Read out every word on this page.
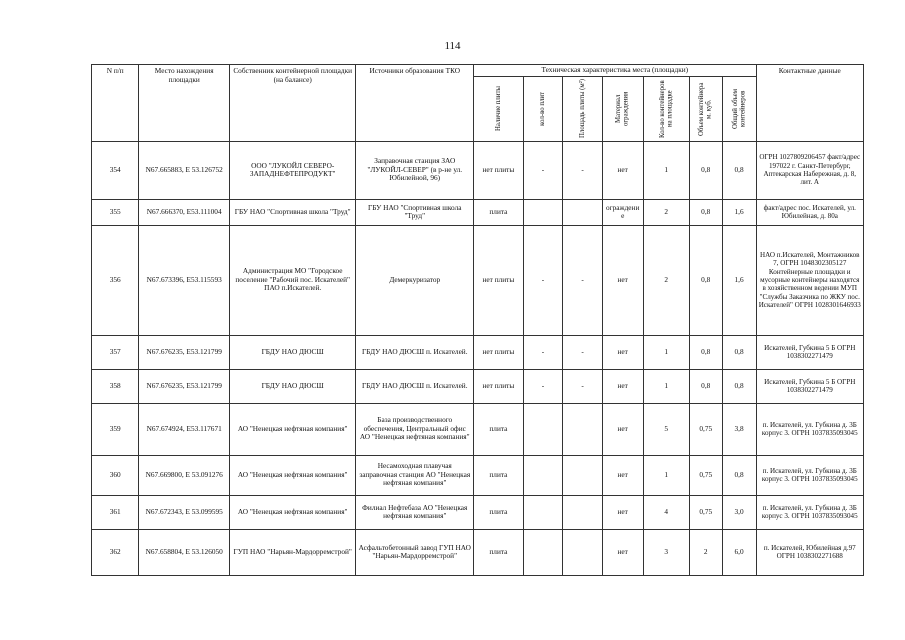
114
N п/п	Место нахождения площадки	Собственник контейнерной площадки (на балансе)	Источники образования ТКО	Техническая характеристика места (площадки)							Контактные данные

				Наличие плиты	кол-во плит	Площадь плиты (м²)	Материал ограждения	Кол-во контейнеров на площадке	Объем контейнера м. куб.	Общий объем контейнеров	

354	N67.665883, E 53.126752	ООО "ЛУКОЙЛ СЕВЕРО-ЗАПАДНЕФТЕПРОДУКТ"	Заправочная станция ЗАО "ЛУКОЙЛ-СЕВЕР" (в р-не ул. Юбилейной, 96)	нет плиты	-	-	нет	1	0,8	0,8	ОГРН 1027809206457 факт/адрес 197022 г. Санкт-Петербург, Аптекарская Набережная, д. 8, лит. А
355	N67.666370, E53.111004	ГБУ НАО "Спортивная школа "Труд"	ГБУ НАО "Спортивная школа "Труд"	плита			ограждение	2	0,8	1,6	факт/адрес пос. Искателей, ул. Юбилейная, д. 80а
356	N67.673396, E53.115593	Администрация МО "Городское поселение "Рабочий пос. Искателей" ПАО п.Искателей.	Демеркуризатор	нет плиты	-	-	нет	2	0,8	1,6	НАО п.Искателей, Монтажников 7, ОГРН 1048302305127 Контейнерные площадки и мусорные контейнеры находятся в хозяйственном ведении МУП "Службы Заказчика по ЖКУ пос. Искателей" ОГРН 1028301646933
357	N67.676235, E53.121799	ГБДУ НАО ДЮСШ	ГБДУ НАО ДЮСШ п. Искателей.	нет плиты	-	-	нет	1	0,8	0,8	Искателей, Губкина 5 Б ОГРН 1038302271479
358	N67.676235, E53.121799	ГБДУ НАО ДЮСШ	ГБДУ НАО ДЮСШ п. Искателей.	нет плиты	-	-	нет	1	0,8	0,8	Искателей, Губкина 5 Б ОГРН 1038302271479
359	N67.674924, E53.117671	АО "Ненецкая нефтяная компания"	База производственного обеспечения, Центральный офис АО "Ненецкая нефтяная компания"	плита			нет	5	0,75	3,8	п. Искателей, ул. Губкина д. 3Б корпус 3. ОГРН 1037835093045
360	N67.669800, E 53.091276	АО "Ненецкая нефтяная компания"	Несамоходная плавучая заправочная станция АО "Ненецкая нефтяная компания"	плита			нет	1	0,75	0,8	п. Искателей, ул. Губкина д. 3Б корпус 3. ОГРН 1037835093045
361	N67.672343, E 53.099595	АО "Ненецкая нефтяная компания"	Филиал Нефтебаза АО "Ненецкая нефтяная компания"	плита			нет	4	0,75	3,0	п. Искателей, ул. Губкина д. 3Б корпус 3. ОГРН 1037835093045
362	N67.658804, E 53.126050	ГУП НАО "Нарьян-Мардорремстрой"	Асфальтобетонный завод ГУП НАО "Нарьян-Мардорремстрой"	плита			нет	3	2	6,0	п. Искателей, Юбилейная д.97 ОГРН 1038302271688
